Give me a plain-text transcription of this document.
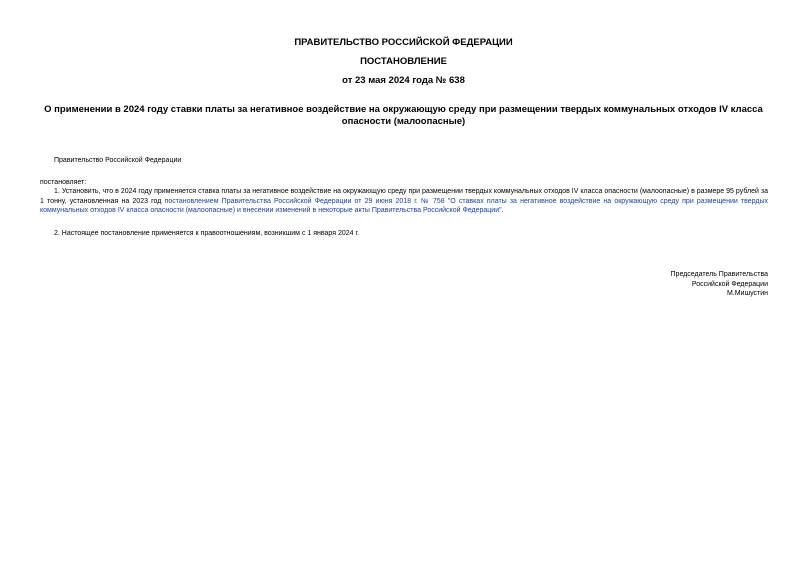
ПРАВИТЕЛЬСТВО РОССИЙСКОЙ ФЕДЕРАЦИИ
ПОСТАНОВЛЕНИЕ
от 23 мая 2024 года № 638
О применении в 2024 году ставки платы за негативное воздействие на окружающую среду при размещении твердых коммунальных отходов IV класса опасности (малоопасные)
Правительство Российской Федерации
постановляет:
1. Установить, что в 2024 году применяется ставка платы за негативное воздействие на окружающую среду при размещении твердых коммунальных отходов IV класса опасности (малоопасные) в размере 95 рублей за 1 тонну, установленная на 2023 год постановлением Правительства Российской Федерации от 29 июня 2018 г. № 758 "О ставках платы за негативное воздействие на окружающую среду при размещении твердых коммунальных отходов IV класса опасности (малоопасные) и внесении изменений в некоторые акты Правительства Российской Федерации".
2. Настоящее постановление применяется к правоотношениям, возникшим с 1 января 2024 г.
Председатель Правительства
Российской Федерации
М.Мишустин
